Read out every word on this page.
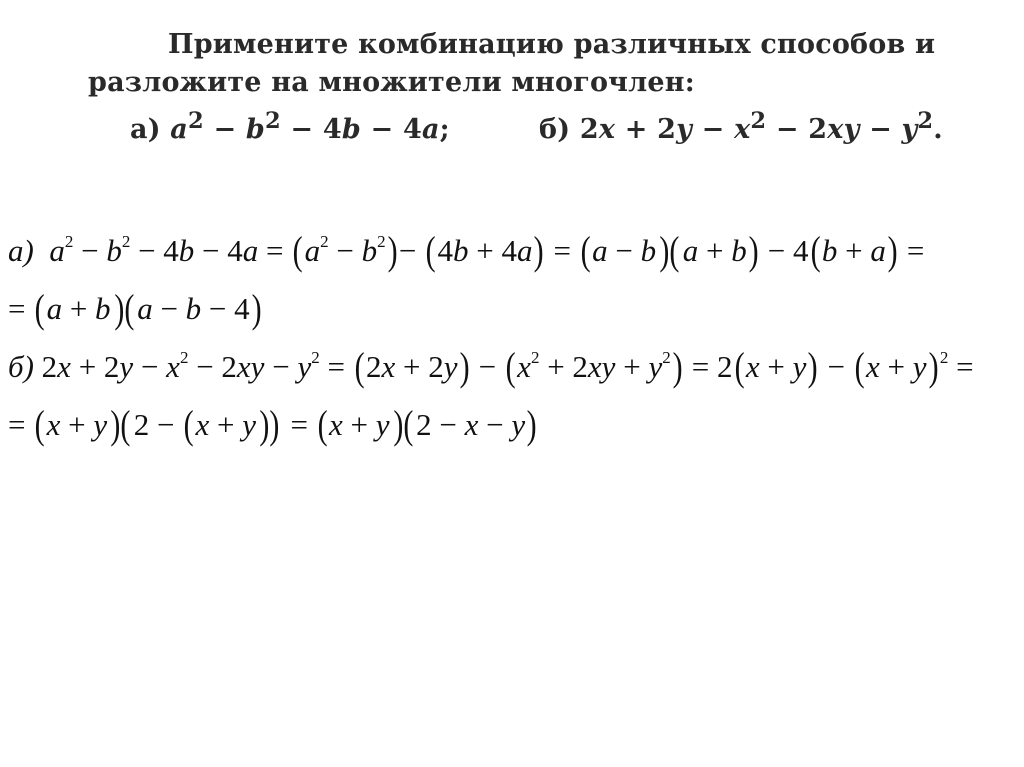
Примените комбинацию различных способов и
разложите на множители многочлен:
а) $a^2 - b^2 - 4b - 4a$;	б) $2x + 2y - x^2 - 2xy - y^2$.
а) $a^2 - b^2 - 4b - 4a = (a^2 - b^2)- (4b + 4a) = (a - b)$( a + b) − 4(b + a) =
= (a + b)( a − b − 4)
б) $2x + 2y - x^2 - 2xy - y^2 = (2x + 2y) - (x^2 + 2xy + y^2) = 2(x + y) - (x + y)^2$ =
= (x + y)( 2 − (x + y)) = (x + y)( 2 − x − y)
